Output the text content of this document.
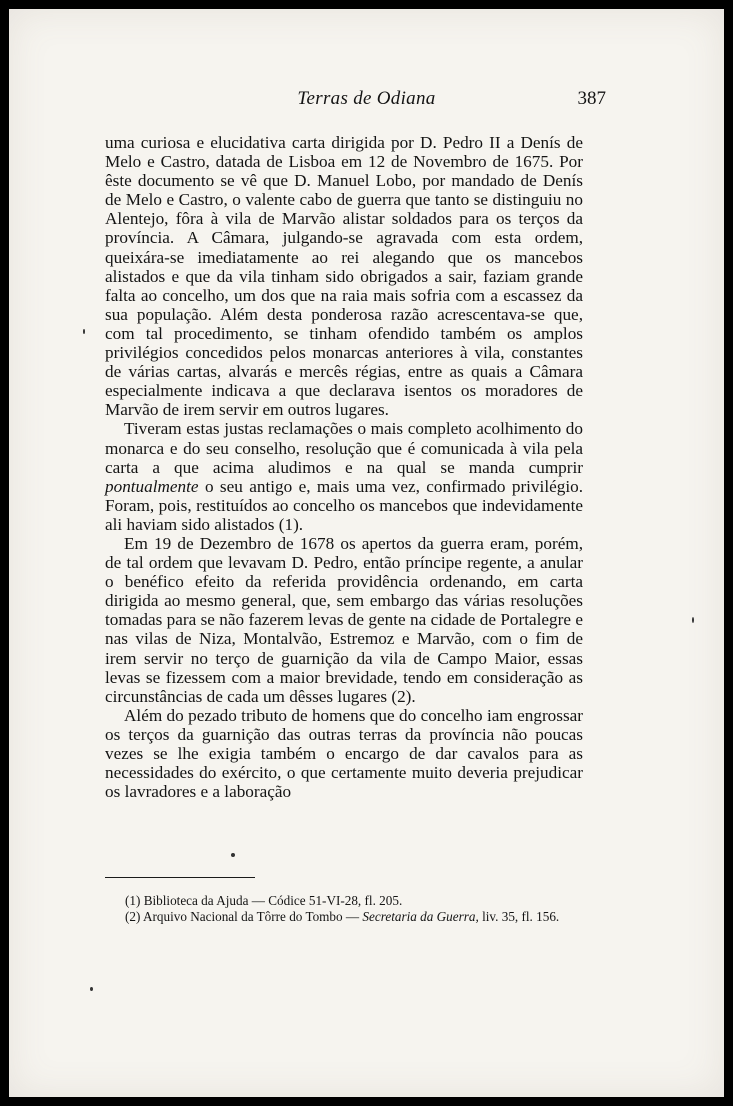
Terras de Odiana	387

uma curiosa e elucidativa carta dirigida por D. Pedro II a Denís de Melo e Castro, datada de Lisboa em 12 de Novembro de 1675. Por êste documento se vê que D. Manuel Lobo, por mandado de Denís de Melo e Castro, o valente cabo de guerra que tanto se distinguiu no Alentejo, fôra à vila de Marvão alistar soldados para os terços da província. A Câmara, julgando-se agravada com esta ordem, queixára-se imediatamente ao rei alegando que os mancebos alistados e que da vila tinham sido obrigados a sair, faziam grande falta ao concelho, um dos que na raia mais sofria com a escassez da sua população. Além desta ponderosa razão acrescentava-se que, com tal procedimento, se tinham ofendido também os amplos privilégios concedidos pelos monarcas anteriores à vila, constantes de várias cartas, alvarás e mercês régias, entre as quais a Câmara especialmente indicava a que declarava isentos os moradores de Marvão de irem servir em outros lugares.

Tiveram estas justas reclamações o mais completo acolhimento do monarca e do seu conselho, resolução que é comunicada à vila pela carta a que acima aludimos e na qual se manda cumprir pontualmente o seu antigo e, mais uma vez, confirmado privilégio. Foram, pois, restituídos ao concelho os mancebos que indevidamente ali haviam sido alistados (1).

Em 19 de Dezembro de 1678 os apertos da guerra eram, porém, de tal ordem que levavam D. Pedro, então príncipe regente, a anular o benéfico efeito da referida providência ordenando, em carta dirigida ao mesmo general, que, sem embargo das várias resoluções tomadas para se não fazerem levas de gente na cidade de Portalegre e nas vilas de Niza, Montalvão, Estremoz e Marvão, com o fim de irem servir no terço de guarnição da vila de Campo Maior, essas levas se fizessem com a maior brevidade, tendo em consideração as circunstâncias de cada um dêsses lugares (2).

Além do pezado tributo de homens que do concelho iam engrossar os terços da guarnição das outras terras da província não poucas vezes se lhe exigia também o encargo de dar cavalos para as necessidades do exército, o que certamente muito deveria prejudicar os lavradores e a laboração

(1) Biblioteca da Ajuda — Códice 51-VI-28, fl. 205.

(2) Arquivo Nacional da Tôrre do Tombo — Secretaria da Guerra, liv. 35, fl. 156.
